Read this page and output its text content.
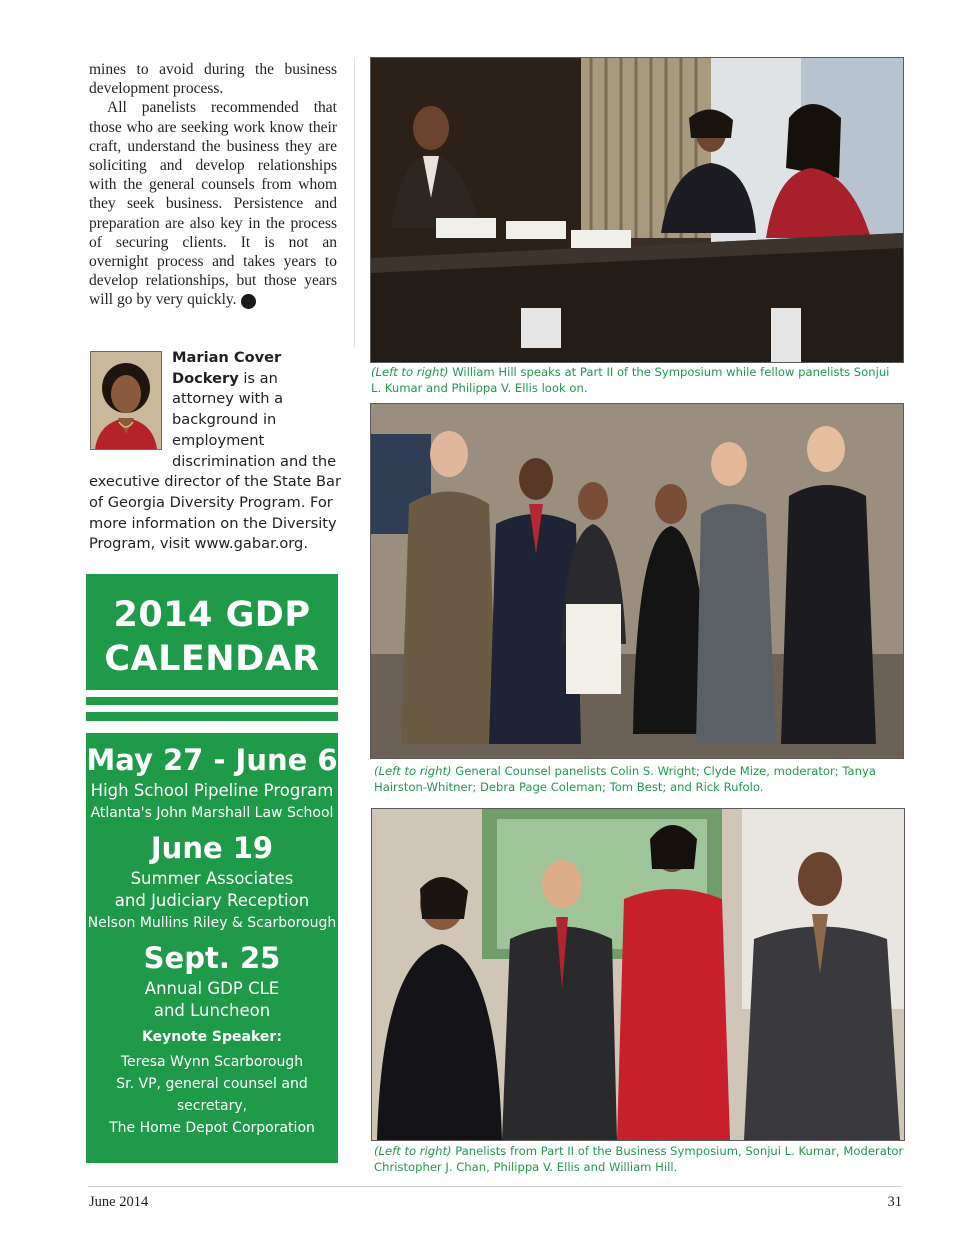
mines to avoid during the business development process.

All panelists recommended that those who are seeking work know their craft, understand the business they are soliciting and develop relationships with the general counsels from whom they seek business. Persistence and preparation are also key in the process of securing clients. It is not an overnight process and takes years to develop relationships, but those years will go by very quickly.	GBJ

Marian Cover Dockery is an attorney with a background in employment discrimination and the executive director of the State Bar of Georgia Diversity Program. For more information on the Diversity Program, visit www.gabar.org.
2014 GDP
CALENDAR
May 27 - June 6
High School Pipeline Program
Atlanta's John Marshall Law School
June 19
Summer Associates
and Judiciary Reception
Nelson Mullins Riley & Scarborough
Sept. 25
Annual GDP CLE
and Luncheon
Keynote Speaker:
Teresa Wynn Scarborough
Sr. VP, general counsel and secretary,
The Home Depot Corporation
(Left to right) William Hill speaks at Part II of the Symposium while fellow panelists Sonjui L. Kumar and Philippa V. Ellis look on.
(Left to right) General Counsel panelists Colin S. Wright; Clyde Mize, moderator; Tanya Hairston-Whitner; Debra Page Coleman; Tom Best; and Rick Rufolo.
(Left to right) Panelists from Part II of the Business Symposium, Sonjui L. Kumar, Moderator Christopher J. Chan, Philippa V. Ellis and William Hill.
June 2014	31
